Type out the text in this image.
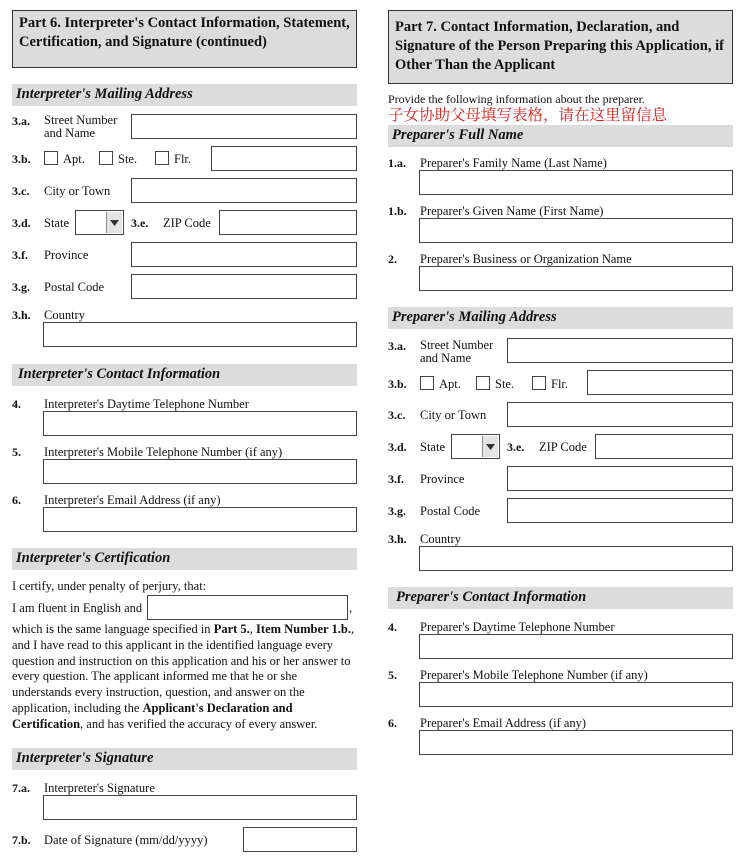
Part 6. Interpreter's Contact Information, Statement, Certification, and Signature (continued)
Interpreter's Mailing Address
3.a. Street Number and Name
3.b.	Apt.	Ste.	Flr.
3.c. City or Town
3.d. State	3.e. ZIP Code
3.f. Province
3.g. Postal Code
3.h. Country
Interpreter's Contact Information
4. Interpreter's Daytime Telephone Number
5. Interpreter's Mobile Telephone Number (if any)
6. Interpreter's Email Address (if any)
Interpreter's Certification
I certify, under penalty of perjury, that:
I am fluent in English and	,
which is the same language specified in Part 5., Item Number 1.b., and I have read to this applicant in the identified language every question and instruction on this application and his or her answer to every question. The applicant informed me that he or she understands every instruction, question, and answer on the application, including the Applicant's Declaration and Certification, and has verified the accuracy of every answer.
Interpreter's Signature
7.a. Interpreter's Signature
7.b. Date of Signature (mm/dd/yyyy)
Part 7. Contact Information, Declaration, and Signature of the Person Preparing this Application, if Other Than the Applicant
Provide the following information about the preparer.
子女协助父母填写表格，请在这里留信息
Preparer's Full Name
1.a. Preparer's Family Name (Last Name)
1.b. Preparer's Given Name (First Name)
2. Preparer's Business or Organization Name
Preparer's Mailing Address
3.a. Street Number and Name
3.b.	Apt.	Ste.	Flr.
3.c. City or Town
3.d. State	3.e. ZIP Code
3.f. Province
3.g. Postal Code
3.h. Country
Preparer's Contact Information
4. Preparer's Daytime Telephone Number
5. Preparer's Mobile Telephone Number (if any)
6. Preparer's Email Address (if any)
